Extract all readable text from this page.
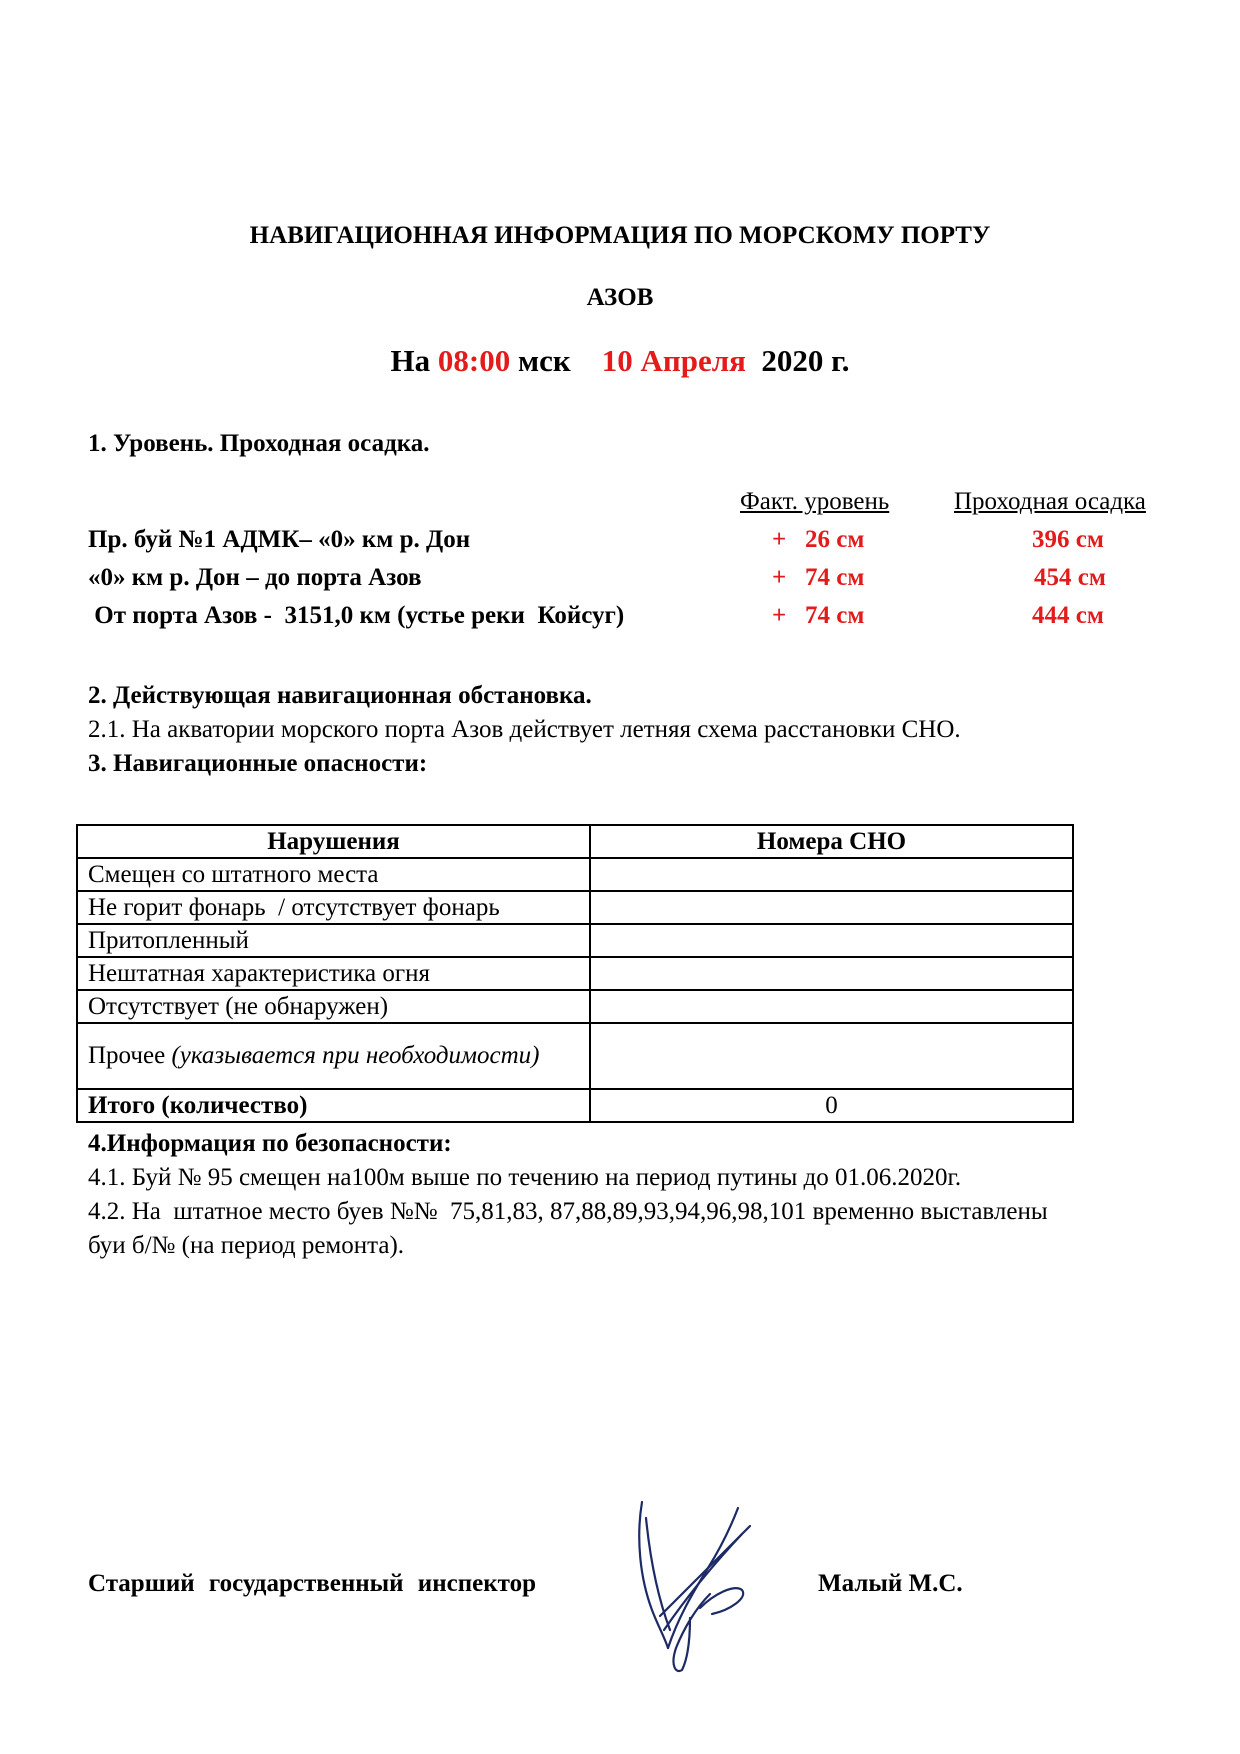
НАВИГАЦИОННАЯ ИНФОРМАЦИЯ ПО МОРСКОМУ ПОРТУ
АЗОВ
На 08:00 мск    10 Апреля  2020 г.
1. Уровень. Проходная осадка.
Факт. уровень	Проходная осадка
Пр. буй №1 АДМК– «0» км р. Дон	+   26 см	396 см
«0» км р. Дон – до порта Азов	+   74 см	454 см
От порта Азов -  3151,0 км (устье реки  Койсуг)	+   74 см	444 см
2. Действующая навигационная обстановка.
2.1. На акватории морского порта Азов действует летняя схема расстановки СНО.
3. Навигационные опасности:
Нарушения	Номера СНО
Смещен со штатного места	
Не горит фонарь  / отсутствует фонарь	
Притопленный	
Нештатная характеристика огня	
Отсутствует (не обнаружен)	
Прочее (указывается при необходимости)	
Итого (количество)	0
4.Информация по безопасности:
4.1. Буй № 95 смещен на100м выше по течению на период путины до 01.06.2020г.
4.2. На  штатное место буев №№  75,81,83, 87,88,89,93,94,96,98,101 временно выставлены
буи б/№ (на период ремонта).
Старший государственный инспектор	Малый М.С.
